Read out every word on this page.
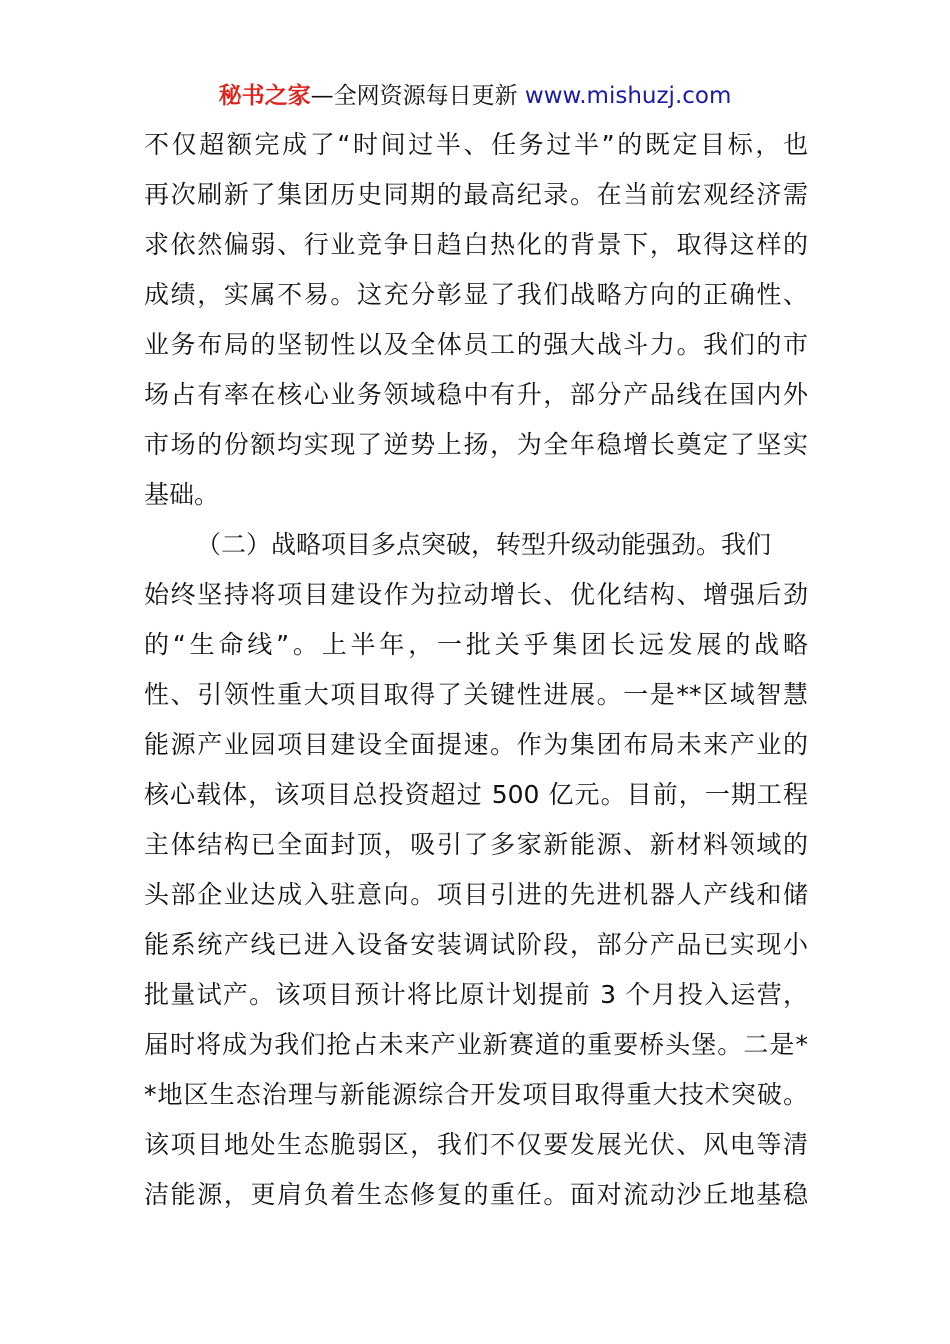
秘书之家—全网资源每日更新 www.mishuzj.com
不仅超额完成了“时间过半、任务过半”的既定目标，也
再次刷新了集团历史同期的最高纪录。在当前宏观经济需
求依然偏弱、行业竞争日趋白热化的背景下，取得这样的
成绩，实属不易。这充分彰显了我们战略方向的正确性、
业务布局的坚韧性以及全体员工的强大战斗力。我们的市
场占有率在核心业务领域稳中有升，部分产品线在国内外
市场的份额均实现了逆势上扬，为全年稳增长奠定了坚实
基础。
（二）战略项目多点突破，转型升级动能强劲。我们
始终坚持将项目建设作为拉动增长、优化结构、增强后劲
的“生命线”。上半年，一批关乎集团长远发展的战略
性、引领性重大项目取得了关键性进展。一是**区域智慧
能源产业园项目建设全面提速。作为集团布局未来产业的
核心载体，该项目总投资超过 500 亿元。目前，一期工程
主体结构已全面封顶，吸引了多家新能源、新材料领域的
头部企业达成入驻意向。项目引进的先进机器人产线和储
能系统产线已进入设备安装调试阶段，部分产品已实现小
批量试产。该项目预计将比原计划提前 3 个月投入运营，
届时将成为我们抢占未来产业新赛道的重要桥头堡。二是*
*地区生态治理与新能源综合开发项目取得重大技术突破。
该项目地处生态脆弱区，我们不仅要发展光伏、风电等清
洁能源，更肩负着生态修复的重任。面对流动沙丘地基稳
